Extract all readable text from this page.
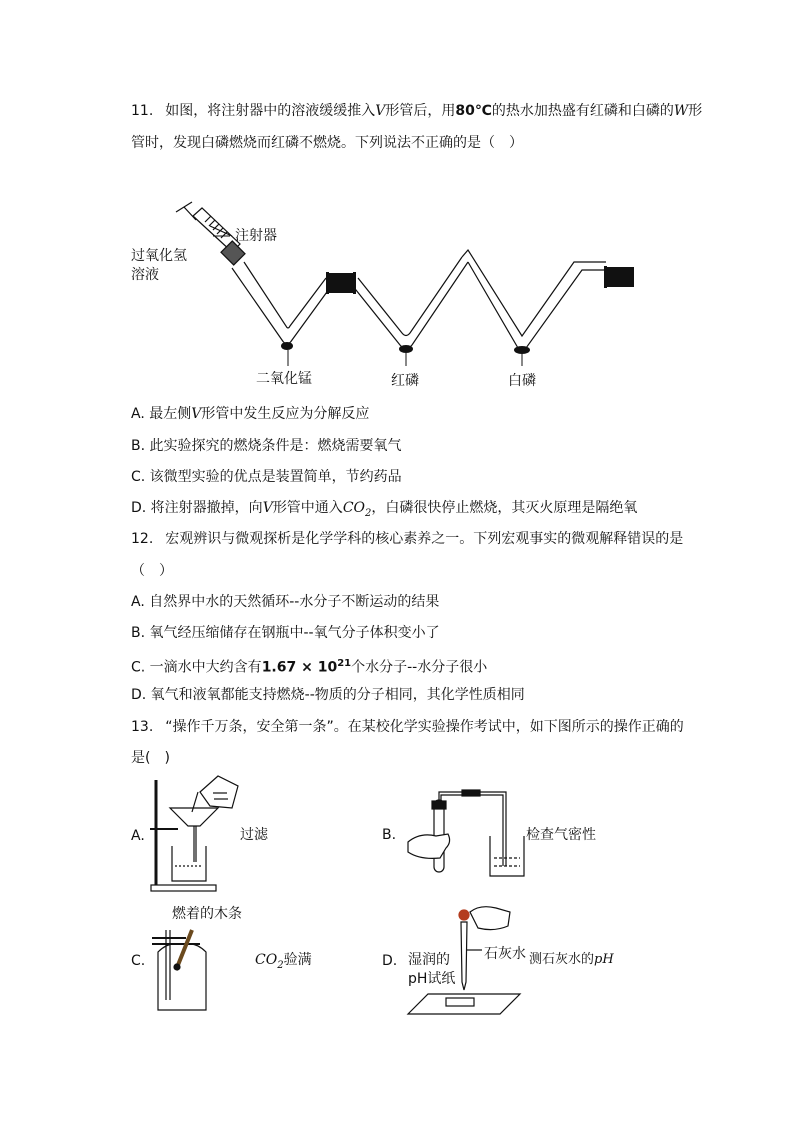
11. 如图，将注射器中的溶液缓缓推入V形管后，用80℃的热水加热盛有红磷和白磷的W形
管时，发现白磷燃烧而红磷不燃烧。下列说法不正确的是（　）
注射器
过氧化氢
溶液
二氧化锰	红磷	白磷
A. 最左侧V形管中发生反应为分解反应
B. 此实验探究的燃烧条件是：燃烧需要氧气
C. 该微型实验的优点是装置简单，节约药品
D. 将注射器撤掉，向V形管中通入$CO_2$，白磷很快停止燃烧，其灭火原理是隔绝氧
12. 宏观辨识与微观探析是化学学科的核心素养之一。下列宏观事实的微观解释错误的是
（　）
A. 自然界中水的天然循环--水分子不断运动的结果
B. 氧气经压缩储存在钢瓶中--氧气分子体积变小了
C. 一滴水中大约含有$1.67 \times 10^{21}$个水分子--水分子很小
D. 氧气和液氧都能支持燃烧--物质的分子相同，其化学性质相同
13. “操作千万条，安全第一条”。在某校化学实验操作考试中，如下图所示的操作正确的
是(　)
A.	过滤	B.	检查气密性
燃着的木条
C.	$CO_2$验满	D. 湿润的
pH试纸
石灰水 测石灰水的pH
